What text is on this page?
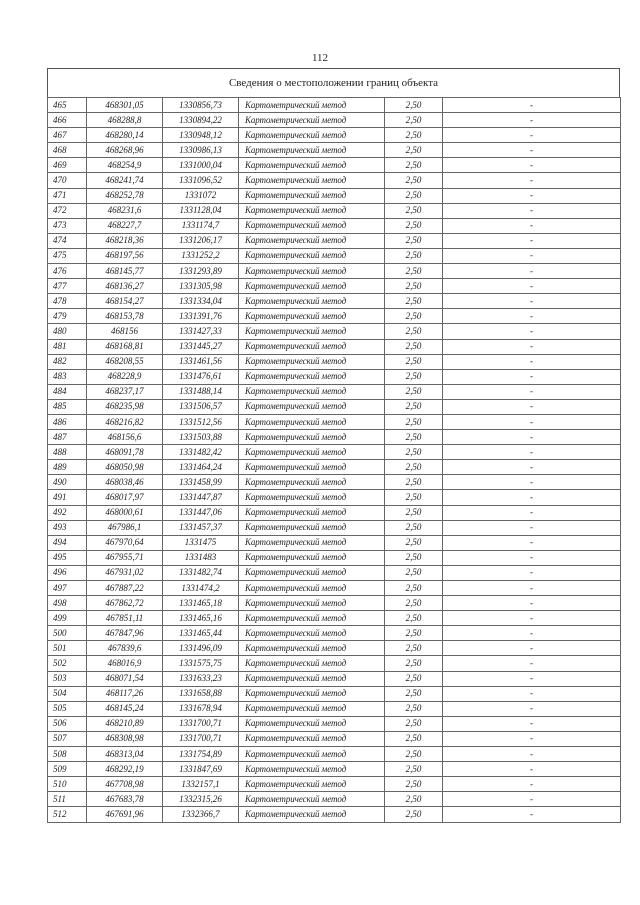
112
Сведения о местоположении границ объекта
465	468301,05	1330856,73	Картометрический метод	2,50	-
466	468288,8	1330894,22	Картометрический метод	2,50	-
467	468280,14	1330948,12	Картометрический метод	2,50	-
468	468268,96	1330986,13	Картометрический метод	2,50	-
469	468254,9	1331000,04	Картометрический метод	2,50	-
470	468241,74	1331096,52	Картометрический метод	2,50	-
471	468252,78	1331072	Картометрический метод	2,50	-
472	468231,6	1331128,04	Картометрический метод	2,50	-
473	468227,7	1331174,7	Картометрический метод	2,50	-
474	468218,36	1331206,17	Картометрический метод	2,50	-
475	468197,56	1331252,2	Картометрический метод	2,50	-
476	468145,77	1331293,89	Картометрический метод	2,50	-
477	468136,27	1331305,98	Картометрический метод	2,50	-
478	468154,27	1331334,04	Картометрический метод	2,50	-
479	468153,78	1331391,76	Картометрический метод	2,50	-
480	468156	1331427,33	Картометрический метод	2,50	-
481	468168,81	1331445,27	Картометрический метод	2,50	-
482	468208,55	1331461,56	Картометрический метод	2,50	-
483	468228,9	1331476,61	Картометрический метод	2,50	-
484	468237,17	1331488,14	Картометрический метод	2,50	-
485	468235,98	1331506,57	Картометрический метод	2,50	-
486	468216,82	1331512,56	Картометрический метод	2,50	-
487	468156,6	1331503,88	Картометрический метод	2,50	-
488	468091,78	1331482,42	Картометрический метод	2,50	-
489	468050,98	1331464,24	Картометрический метод	2,50	-
490	468038,46	1331458,99	Картометрический метод	2,50	-
491	468017,97	1331447,87	Картометрический метод	2,50	-
492	468000,61	1331447,06	Картометрический метод	2,50	-
493	467986,1	1331457,37	Картометрический метод	2,50	-
494	467970,64	1331475	Картометрический метод	2,50	-
495	467955,71	1331483	Картометрический метод	2,50	-
496	467931,02	1331482,74	Картометрический метод	2,50	-
497	467887,22	1331474,2	Картометрический метод	2,50	-
498	467862,72	1331465,18	Картометрический метод	2,50	-
499	467851,11	1331465,16	Картометрический метод	2,50	-
500	467847,96	1331465,44	Картометрический метод	2,50	-
501	467839,6	1331496,09	Картометрический метод	2,50	-
502	468016,9	1331575,75	Картометрический метод	2,50	-
503	468071,54	1331633,23	Картометрический метод	2,50	-
504	468117,26	1331658,88	Картометрический метод	2,50	-
505	468145,24	1331678,94	Картометрический метод	2,50	-
506	468210,89	1331700,71	Картометрический метод	2,50	-
507	468308,98	1331700,71	Картометрический метод	2,50	-
508	468313,04	1331754,89	Картометрический метод	2,50	-
509	468292,19	1331847,69	Картометрический метод	2,50	-
510	467708,98	1332157,1	Картометрический метод	2,50	-
511	467683,78	1332315,26	Картометрический метод	2,50	-
512	467691,96	1332366,7	Картометрический метод	2,50	-
